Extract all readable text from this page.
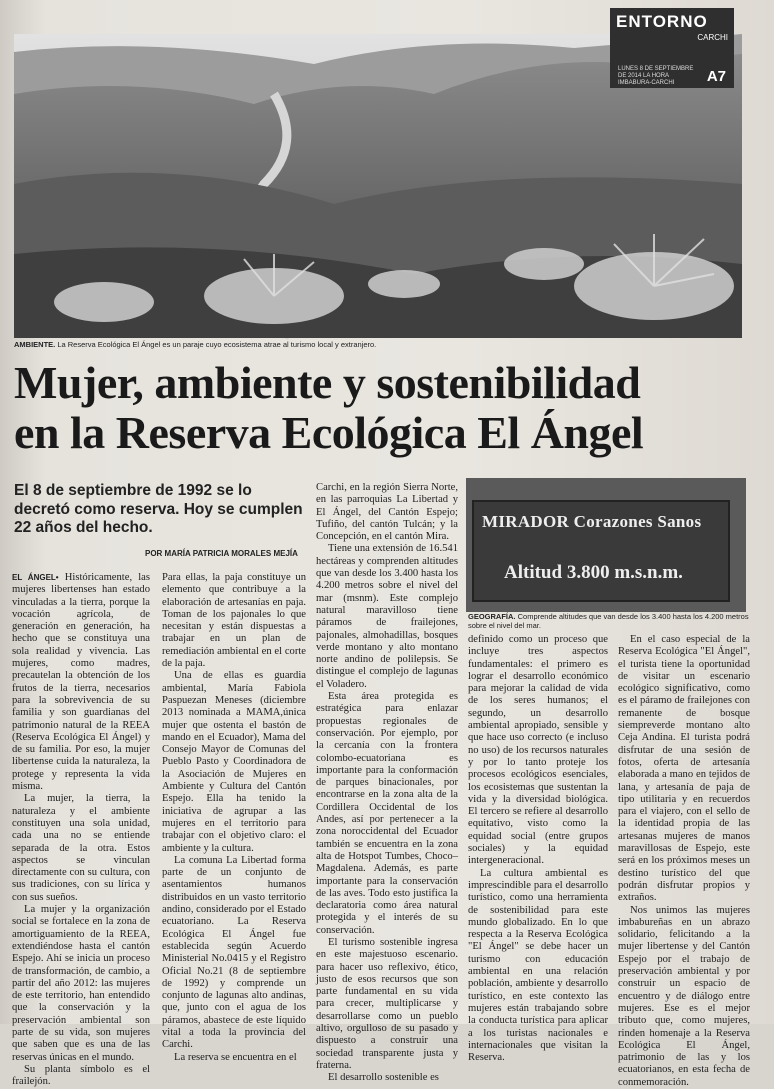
ENTORNO
CARCHI
LUNES 8 DE SEPTIEMBRE DE 2014 LA HORA IMBABURA-CARCHI	A7
AMBIENTE. La Reserva Ecológica El Ángel es un paraje cuyo ecosistema atrae al turismo local y extranjero.
Mujer, ambiente y sostenibilidad
en la Reserva Ecológica El Ángel
El 8 de septiembre de 1992 se lo decretó como reserva. Hoy se cumplen 22 años del hecho.
POR MARÍA PATRICIA MORALES MEJÍA

EL ÁNGEL• Históricamente, las mujeres libertenses han estado vinculadas a la tierra, porque la vocación agrícola, de generación en generación, ha hecho que se constituya una sola realidad y vivencia. Las mujeres, como madres, precautelan la obtención de los frutos de la tierra, necesarios para la sobrevivencia de su familia y son guardianas del patrimonio natural de la REEA (Reserva Ecológica El Ángel) y de su familia. Por eso, la mujer libertense cuida la naturaleza, la protege y representa la vida misma.

La mujer, la tierra, la naturaleza y el ambiente constituyen una sola unidad, cada una no se entiende separada de la otra. Estos aspectos se vinculan directamente con su cultura, con sus tradiciones, con su lírica y con sus sueños.

La mujer y la organización social se fortalece en la zona de amortiguamiento de la REEA, extendiéndose hasta el cantón Espejo. Ahí se inicia un proceso de transformación, de cambio, a partir del año 2012: las mujeres de este territorio, han entendido que la conservación y la preservación ambiental son parte de su vida, son mujeres que saben que es una de las reservas únicas en el mundo.

Su planta símbolo es el frailejón.

Para ellas, la paja constituye un elemento que contribuye a la elaboración de artesanías en paja. Toman de los pajonales lo que necesitan y están dispuestas a trabajar en un plan de remediación ambiental en el corte de la paja.

Una de ellas es guardia ambiental, María Fabiola Paspuezan Meneses (diciembre 2013 nominada a MAMA,única mujer que ostenta el bastón de mando en el Ecuador), Mama del Consejo Mayor de Comunas del Pueblo Pasto y Coordinadora de la Asociación de Mujeres en Ambiente y Cultura del Cantón Espejo. Ella ha tenido la iniciativa de agrupar a las mujeres en el territorio para trabajar con el objetivo claro: el ambiente y la cultura.

La comuna La Libertad forma parte de un conjunto de asentamientos humanos distribuidos en un vasto territorio andino, considerado por el Estado ecuatoriano. La Reserva Ecológica El Ángel fue establecida según Acuerdo Ministerial No.0415 y el Registro Oficial No.21 (8 de septiembre de 1992) y comprende un conjunto de lagunas alto andinas, que, junto con el agua de los páramos, abastece de este líquido vital a toda la provincia del Carchi.

La reserva se encuentra en el

Carchi, en la región Sierra Norte, en las parroquias La Libertad y El Ángel, del Cantón Espejo; Tufiño, del cantón Tulcán; y la Concepción, en el cantón Mira.

Tiene una extensión de 16.541 hectáreas y comprenden altitudes que van desde los 3.400 hasta los 4.200 metros sobre el nivel del mar (msnm). Este complejo natural maravilloso tiene páramos de frailejones, pajonales, almohadillas, bosques verde montano y alto montano norte andino de polilepsis. Se distingue el complejo de lagunas el Voladero.

Esta área protegida es estratégica para enlazar propuestas regionales de conservación. Por ejemplo, por la cercanía con la frontera colombo-ecuatoriana es importante para la conformación de parques binacionales, por encontrarse en la zona alta de la Cordillera Occidental de los Andes, así por pertenecer a la zona noroccidental del Ecuador también se encuentra en la zona alta de Hotspot Tumbes, Choco–Magdalena. Además, es parte importante para la conservación de las aves. Todo esto justifica la declaratoria como área natural protegida y el interés de su conservación.

El turismo sostenible ingresa en este majestuoso escenario. para hacer uso reflexivo, ético, justo de esos recursos que son parte fundamental en su vida para crecer, multiplicarse y desarrollarse como un pueblo altivo, orgulloso de su pasado y dispuesto a construir una sociedad transparente justa y fraterna.

El desarrollo sostenible es

MIRADOR Corazones Sanos
Altitud 3.800 m.s.n.m.
GEOGRAFÍA. Comprende altitudes que van desde los 3.400 hasta los 4.200 metros sobre el nivel del mar.

definido como un proceso que incluye tres aspectos fundamentales: el primero es lograr el desarrollo económico para mejorar la calidad de vida de los seres humanos; el segundo, un desarrollo ambiental apropiado, sensible y que hace uso correcto (e incluso no uso) de los recursos naturales y por lo tanto proteje los procesos ecológicos esenciales, los ecosistemas que sustentan la vida y la diversidad biológica. El tercero se refiere al desarrollo equitativo, visto como la equidad social (entre grupos sociales) y la equidad intergeneracional.

La cultura ambiental es imprescindible para el desarrollo turístico, como una herramienta de sostenibilidad para este mundo globalizado. En lo que respecta a la Reserva Ecológica "El Ángel" se debe hacer un turismo con educación ambiental en una relación población, ambiente y desarrollo turístico, en este contexto las mujeres están trabajando sobre la conducta turística para aplicar a los turistas nacionales e internacionales que visitan la Reserva.

En el caso especial de la Reserva Ecológica "El Ángel", el turista tiene la oportunidad de visitar un escenario ecológico significativo, como es el páramo de frailejones con remanente de bosque siempreverde montano alto Ceja Andina. El turista podrá disfrutar de una sesión de fotos, oferta de artesanía elaborada a mano en tejidos de lana, y artesanía de paja de tipo utilitaria y en recuerdos para el viajero, con el sello de la identidad propia de las artesanas mujeres de manos maravillosas de Espejo, este será en los próximos meses un destino turístico del que podrán disfrutar propios y extraños.

Nos unimos las mujeres imbabureñas en un abrazo solidario, felicitando a la mujer libertense y del Cantón Espejo por el trabajo de preservación ambiental y por construir un espacio de encuentro y de diálogo entre mujeres. Ese es el mejor tributo que, como mujeres, rinden homenaje a la Reserva Ecológica El Ángel, patrimonio de las y los ecuatorianos, en esta fecha de conmemoración.
